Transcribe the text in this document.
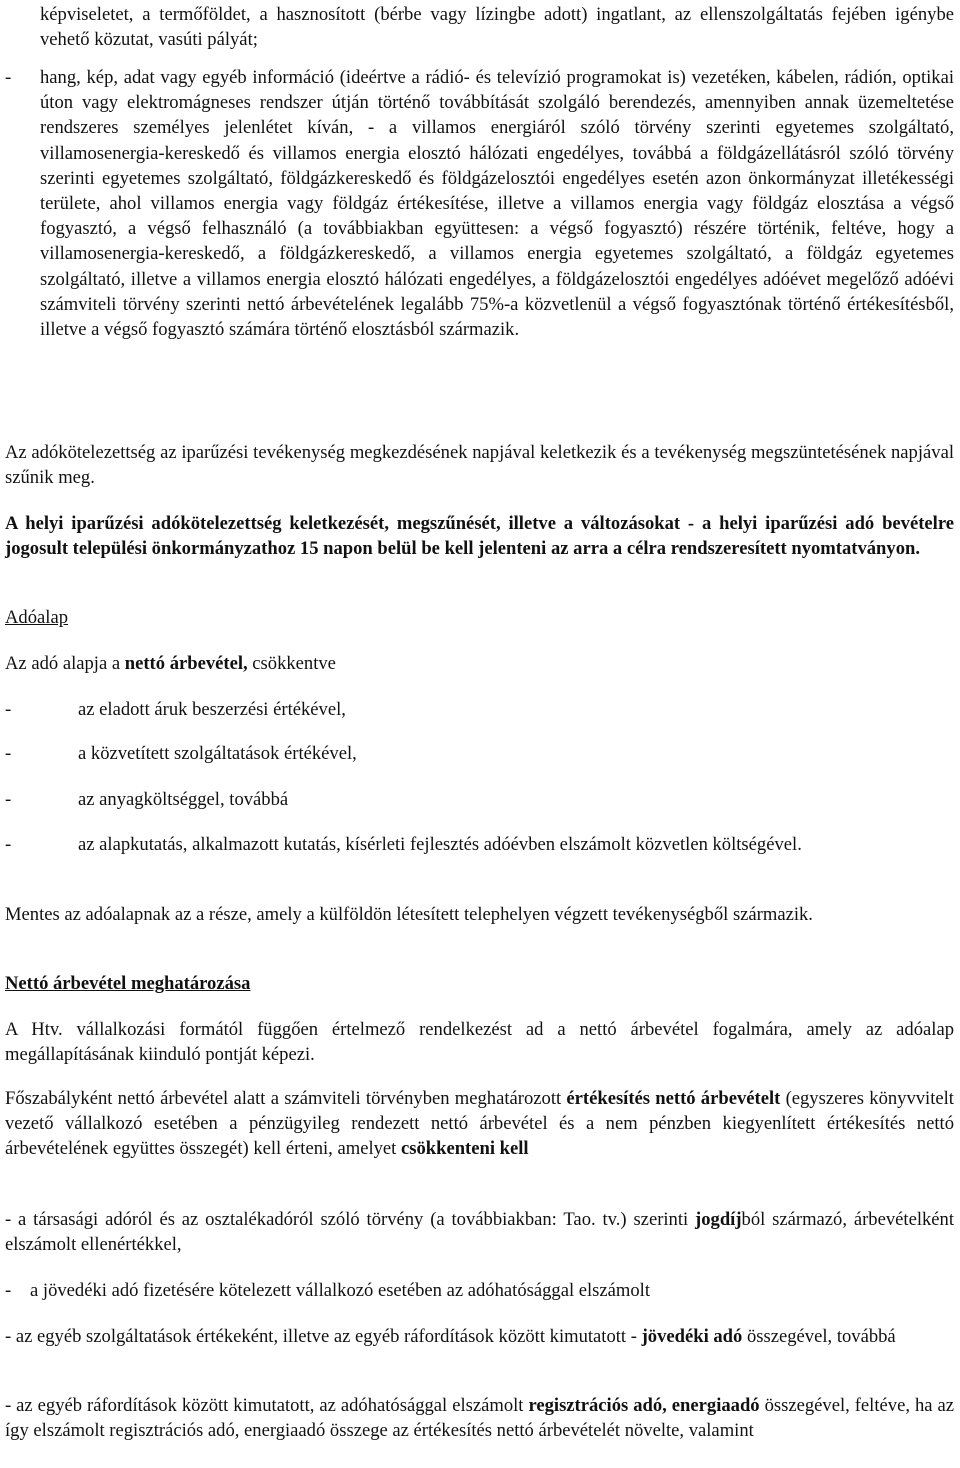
képviseletet, a termőföldet, a hasznosított (bérbe vagy lízingbe adott) ingatlant, az ellenszolgáltatás fejében igénybe vehető közutat, vasúti pályát;

-	hang, kép, adat vagy egyéb információ (ideértve a rádió- és televízió programokat is) vezetéken, kábelen, rádión, optikai úton vagy elektromágneses rendszer útján történő továbbítását szolgáló berendezés, amennyiben annak üzemeltetése rendszeres személyes jelenlétet kíván, - a villamos energiáról szóló törvény szerinti egyetemes szolgáltató, villamosenergia-kereskedő és villamos energia elosztó hálózati engedélyes, továbbá a földgázellátásról szóló törvény szerinti egyetemes szolgáltató, földgázkereskedő és földgázelosztói engedélyes esetén azon önkormányzat illetékességi területe, ahol villamos energia vagy földgáz értékesítése, illetve a villamos energia vagy földgáz elosztása a végső fogyasztó, a végső felhasználó (a továbbiakban együttesen: a végső fogyasztó) részére történik, feltéve, hogy a villamosenergia-kereskedő, a földgázkereskedő, a villamos energia egyetemes szolgáltató, a földgáz egyetemes szolgáltató, illetve a villamos energia elosztó hálózati engedélyes, a földgázelosztói engedélyes adóévet megelőző adóévi számviteli törvény szerinti nettó árbevételének legalább 75%-a közvetlenül a végső fogyasztónak történő értékesítésből, illetve a végső fogyasztó számára történő elosztásból származik.

Az adókötelezettség az iparűzési tevékenység megkezdésének napjával keletkezik és a tevékenység megszüntetésének napjával szűnik meg.

A helyi iparűzési adókötelezettség keletkezését, megszűnését, illetve a változásokat - a helyi iparűzési adó bevételre jogosult települési önkormányzathoz 15 napon belül be kell jelenteni az arra a célra rendszeresített nyomtatványon.

Adóalap

Az adó alapja a nettó árbevétel, csökkentve

-	az eladott áruk beszerzési értékével,

-	a közvetített szolgáltatások értékével,

-	az anyagköltséggel, továbbá

-	az alapkutatás, alkalmazott kutatás, kísérleti fejlesztés adóévben elszámolt közvetlen költségével.

Mentes az adóalapnak az a része, amely a külföldön létesített telephelyen végzett tevékenységből származik.

Nettó árbevétel meghatározása

A Htv. vállalkozási formától függően értelmező rendelkezést ad a nettó árbevétel fogalmára, amely az adóalap megállapításának kiinduló pontját képezi.

Főszabályként nettó árbevétel alatt a számviteli törvényben meghatározott értékesítés nettó árbevételt (egyszeres könyvvitelt vezető vállalkozó esetében a pénzügyileg rendezett nettó árbevétel és a nem pénzben kiegyenlített értékesítés nettó árbevételének együttes összegét) kell érteni, amelyet csökkenteni kell

- a társasági adóról és az osztalékadóról szóló törvény (a továbbiakban: Tao. tv.) szerinti jogdíjból származó, árbevételként elszámolt ellenértékkel,

-	a jövedéki adó fizetésére kötelezett vállalkozó esetében az adóhatósággal elszámolt

- az egyéb szolgáltatások értékeként, illetve az egyéb ráfordítások között kimutatott - jövedéki adó összegével, továbbá

- az egyéb ráfordítások között kimutatott, az adóhatósággal elszámolt regisztrációs adó, energiaadó összegével, feltéve, ha az így elszámolt regisztrációs adó, energiaadó összege az értékesítés nettó árbevételét növelte, valamint
